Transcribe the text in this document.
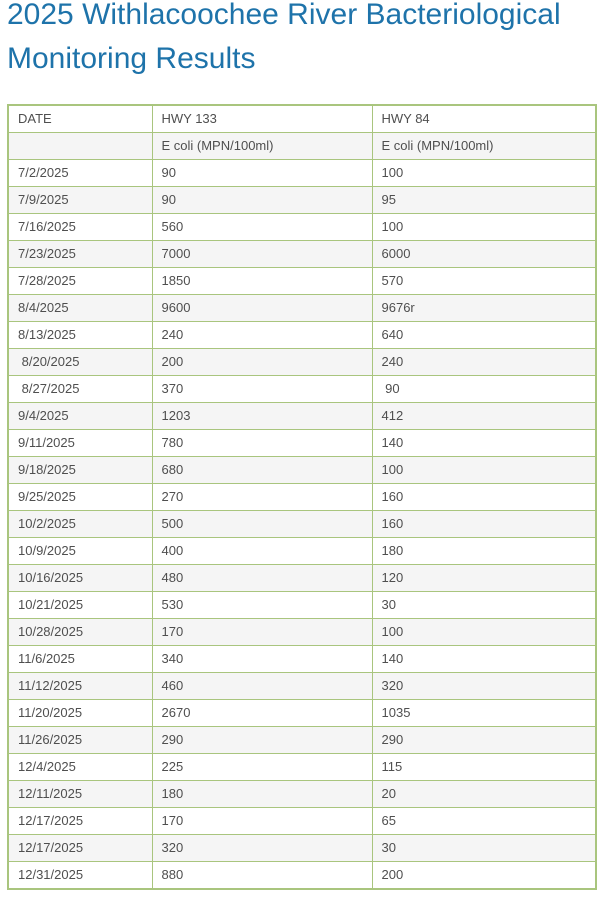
2025 Withlacoochee River Bacteriological
Monitoring Results
DATE	HWY 133	HWY 84
	E coli (MPN/100ml)	E coli (MPN/100ml)
7/2/2025	90	100
7/9/2025	90	95
7/16/2025	560	100
7/23/2025	7000	6000
7/28/2025	1850	570
8/4/2025	9600	9676r
8/13/2025	240	640
8/20/2025	200	240
8/27/2025	370	90
9/4/2025	1203	412
9/11/2025	780	140
9/18/2025	680	100
9/25/2025	270	160
10/2/2025	500	160
10/9/2025	400	180
10/16/2025	480	120
10/21/2025	530	30
10/28/2025	170	100
11/6/2025	340	140
11/12/2025	460	320
11/20/2025	2670	1035
11/26/2025	290	290
12/4/2025	225	115
12/11/2025	180	20
12/17/2025	170	65
12/17/2025	320	30
12/31/2025	880	200
